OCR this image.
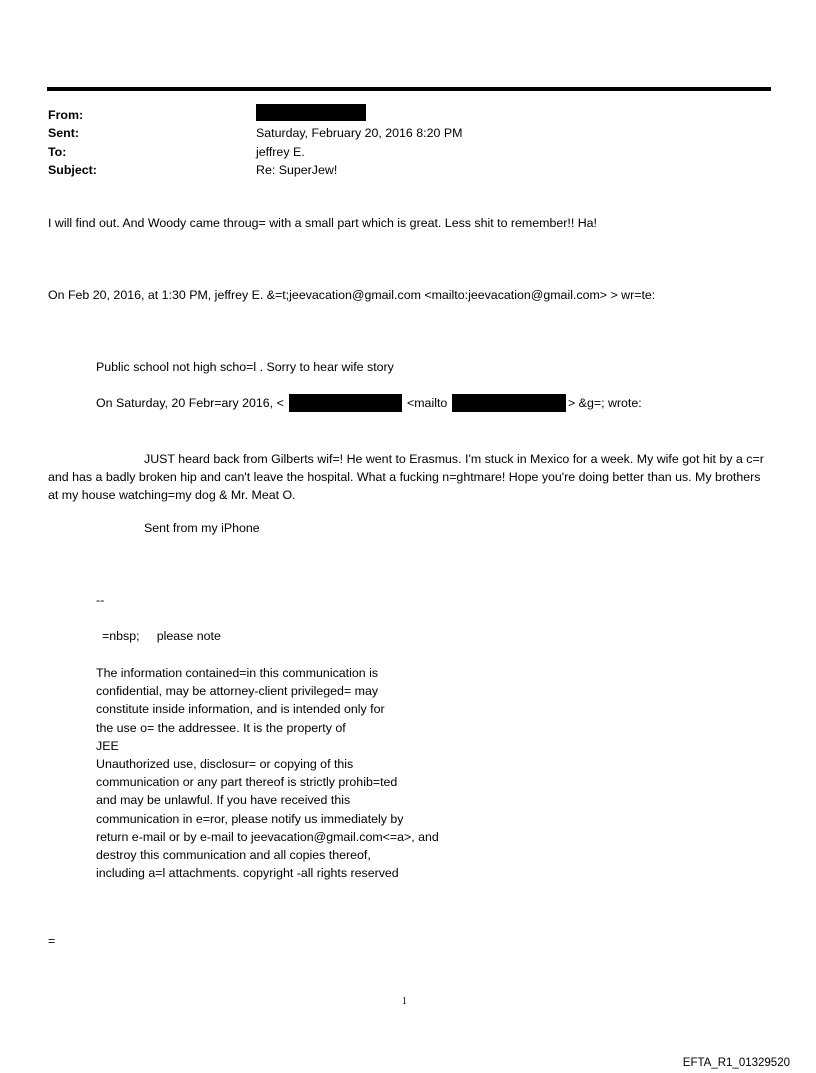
From:
Sent:	Saturday, February 20, 2016 8:20 PM
To:	jeffrey E.
Subject:	Re: SuperJew!
I will find out. And Woody came throug= with a small part which is great. Less shit to remember!! Ha!
On Feb 20, 2016, at 1:30 PM, jeffrey E. &=t;jeevacation@gmail.com <mailto:jeevacation@gmail.com> > wr=te:
Public school not high scho=l . Sorry to hear wife story
On Saturday, 20 Febr=ary 2016, <	<mailto	> &g=; wrote:
JUST heard back from Gilberts wif=! He went to Erasmus. I'm stuck in Mexico for a week. My wife got hit by a c=r and has a badly broken hip and can't leave the hospital. What a fucking n=ghtmare! Hope you're doing better than us. My brothers at my house watching=my dog & Mr. Meat O.
Sent from my iPhone
--
=nbsp;     please note
The information contained=in this communication is
confidential, may be attorney-client privileged= may
constitute inside information, and is intended only for
the use o= the addressee. It is the property of
JEE
Unauthorized use, disclosur= or copying of this
communication or any part thereof is strictly prohib=ted
and may be unlawful. If you have received this
communication in e=ror, please notify us immediately by
return e-mail or by e-mail to jeevacation@gmail.com<=a>, and
destroy this communication and all copies thereof,
including a=l attachments. copyright -all rights reserved
=
1
EFTA_R1_01329520
